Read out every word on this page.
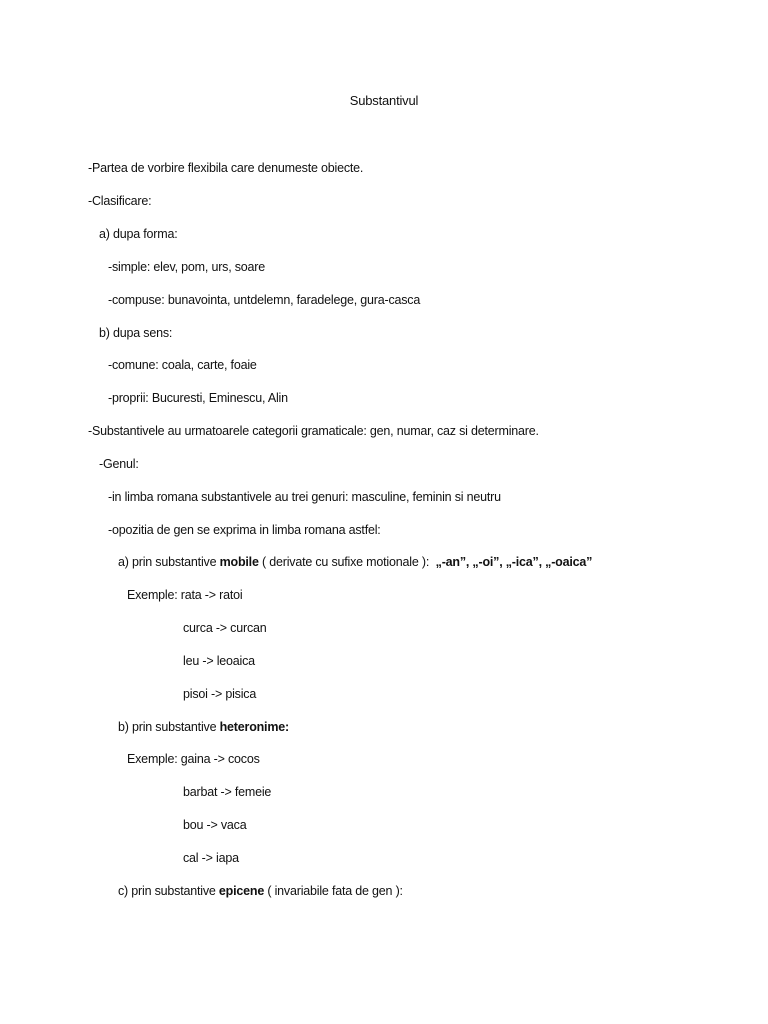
Substantivul
-Partea de vorbire flexibila care denumeste obiecte.
-Clasificare:
a) dupa forma:
-simple: elev, pom, urs, soare
-compuse: bunavointa, untdelemn, faradelege, gura-casca
b) dupa sens:
-comune: coala, carte, foaie
-proprii: Bucuresti, Eminescu, Alin
-Substantivele au urmatoarele categorii gramaticale: gen, numar, caz si determinare.
-Genul:
-in limba romana substantivele au trei genuri: masculine, feminin si neutru
-opozitia de gen se exprima in limba romana astfel:
a) prin substantive mobile ( derivate cu sufixe motionale ): „-an”, „-oi”, „-ica”, „-oaica”
Exemple: rata -> ratoi
curca -> curcan
leu -> leoaica
pisoi -> pisica
b) prin substantive heteronime:
Exemple: gaina -> cocos
barbat -> femeie
bou -> vaca
cal -> iapa
c) prin substantive epicene ( invariabile fata de gen ):
